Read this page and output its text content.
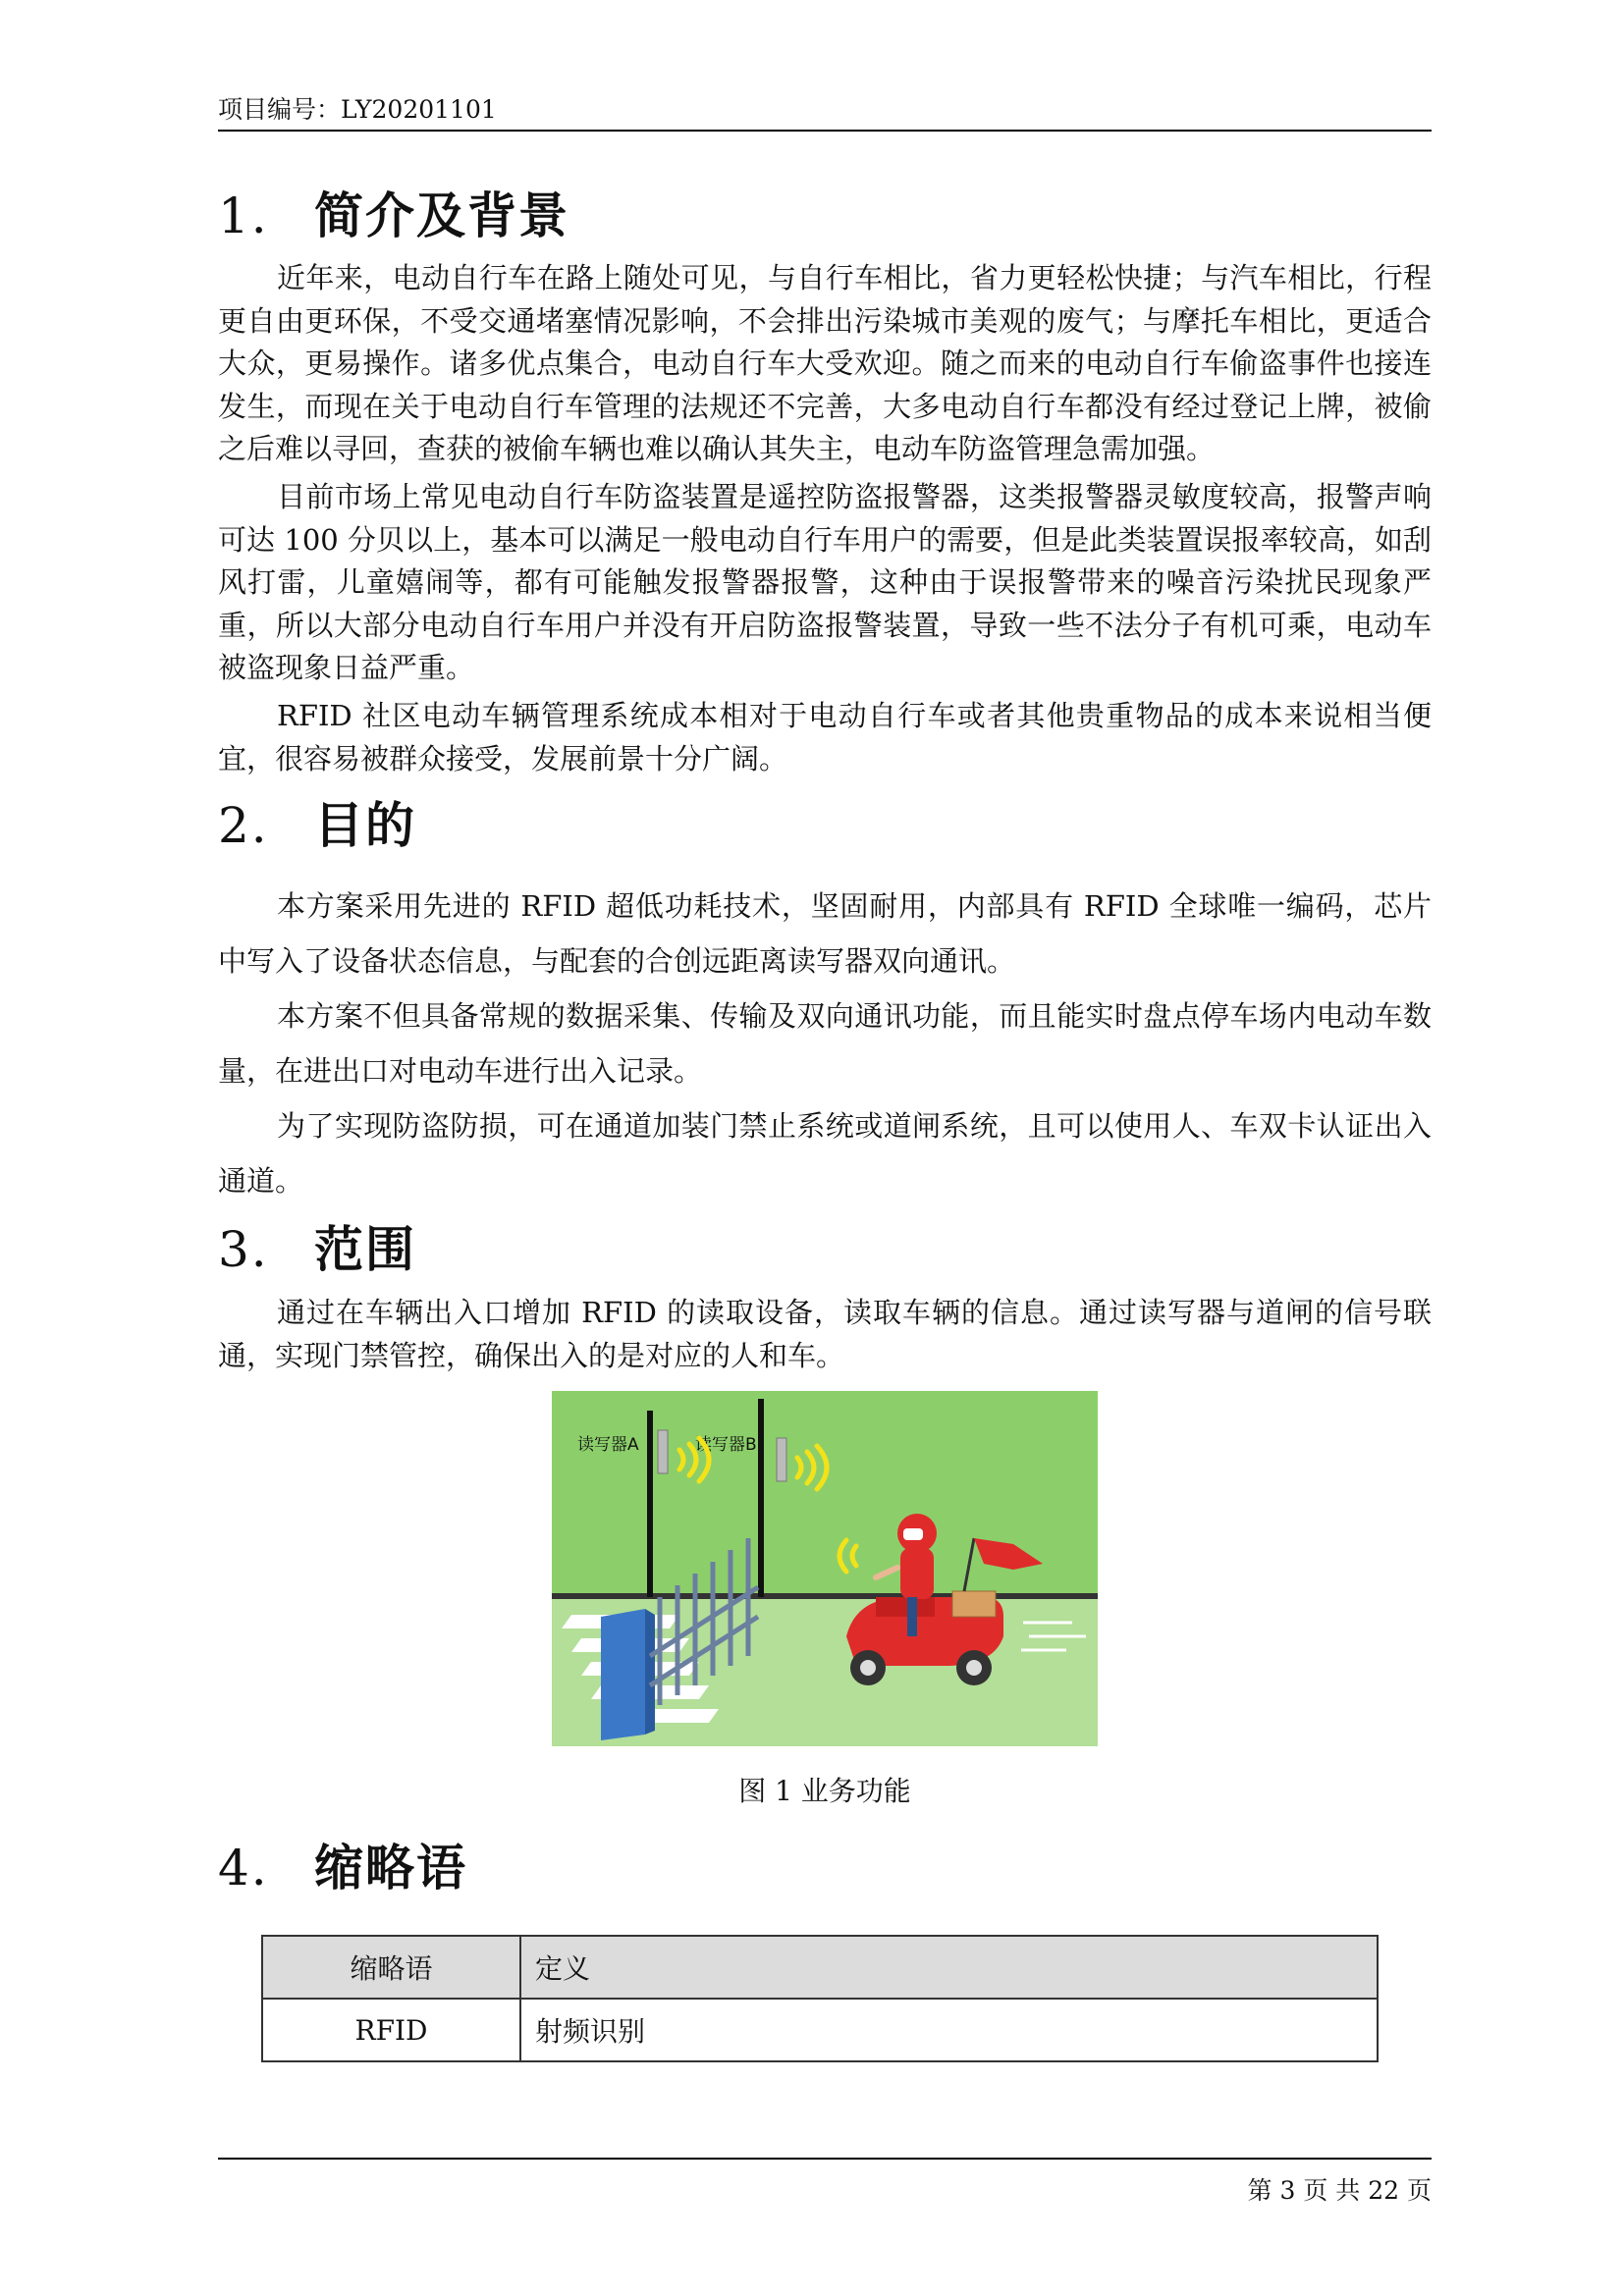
项目编号：LY20201101
1. 简介及背景

近年来，电动自行车在路上随处可见，与自行车相比，省力更轻松快捷；与汽车相比，行程更自由更环保，不受交通堵塞情况影响，不会排出污染城市美观的废气；与摩托车相比，更适合大众，更易操作。诸多优点集合，电动自行车大受欢迎。随之而来的电动自行车偷盗事件也接连发生，而现在关于电动自行车管理的法规还不完善，大多电动自行车都没有经过登记上牌，被偷之后难以寻回，查获的被偷车辆也难以确认其失主，电动车防盗管理急需加强。

目前市场上常见电动自行车防盗装置是遥控防盗报警器，这类报警器灵敏度较高，报警声响可达 100 分贝以上，基本可以满足一般电动自行车用户的需要，但是此类装置误报率较高，如刮风打雷，儿童嬉闹等，都有可能触发报警器报警，这种由于误报警带来的噪音污染扰民现象严重，所以大部分电动自行车用户并没有开启防盗报警装置，导致一些不法分子有机可乘，电动车被盗现象日益严重。

RFID 社区电动车辆管理系统成本相对于电动自行车或者其他贵重物品的成本来说相当便宜，很容易被群众接受，发展前景十分广阔。

2. 目的

本方案采用先进的 RFID 超低功耗技术，坚固耐用，内部具有 RFID 全球唯一编码，芯片中写入了设备状态信息，与配套的合创远距离读写器双向通讯。

本方案不但具备常规的数据采集、传输及双向通讯功能，而且能实时盘点停车场内电动车数量，在进出口对电动车进行出入记录。

为了实现防盗防损，可在通道加装门禁止系统或道闸系统，且可以使用人、车双卡认证出入通道。

3. 范围

通过在车辆出入口增加 RFID 的读取设备，读取车辆的信息。通过读写器与道闸的信号联通，实现门禁管控，确保出入的是对应的人和车。

读写器A	读写器B
图 1 业务功能
4. 缩略语
缩略语	定义
RFID	射频识别
第 3 页 共 22 页
